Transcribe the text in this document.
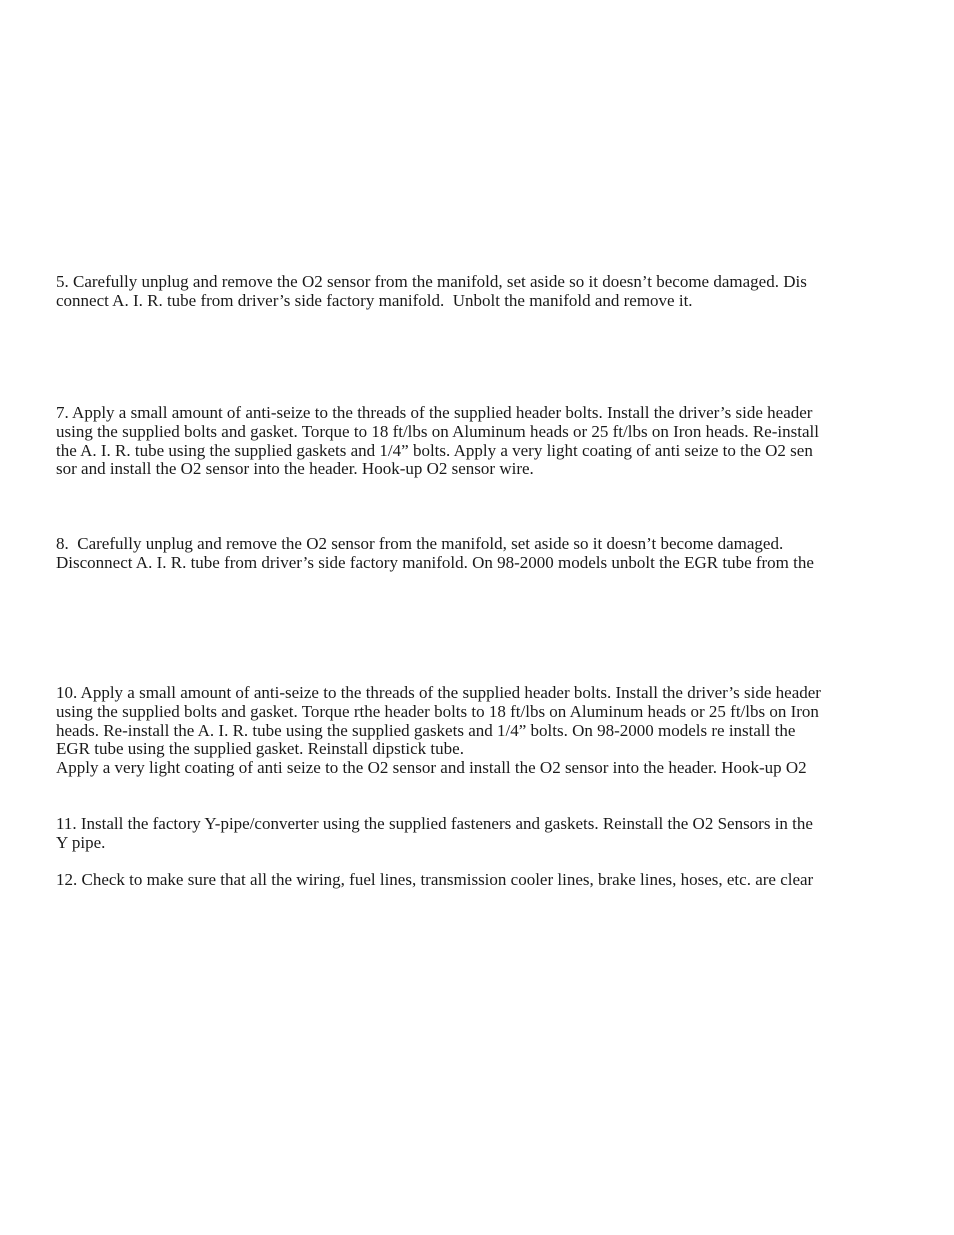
5. Carefully unplug and remove the O2 sensor from the manifold, set aside so it doesn’t become damaged. Dis
connect A. I. R. tube from driver’s side factory manifold.  Unbolt the manifold and remove it.
7. Apply a small amount of anti-seize to the threads of the supplied header bolts. Install the driver’s side header
using the supplied bolts and gasket. Torque to 18 ft/lbs on Aluminum heads or 25 ft/lbs on Iron heads. Re-install
the A. I. R. tube using the supplied gaskets and 1/4” bolts. Apply a very light coating of anti seize to the O2 sen
sor and install the O2 sensor into the header. Hook-up O2 sensor wire.
8.  Carefully unplug and remove the O2 sensor from the manifold, set aside so it doesn’t become damaged.
Disconnect A. I. R. tube from driver’s side factory manifold. On 98-2000 models unbolt the EGR tube from the
10. Apply a small amount of anti-seize to the threads of the supplied header bolts. Install the driver’s side header
using the supplied bolts and gasket. Torque rthe header bolts to 18 ft/lbs on Aluminum heads or 25 ft/lbs on Iron
heads. Re-install the A. I. R. tube using the supplied gaskets and 1/4” bolts. On 98-2000 models re install the
EGR tube using the supplied gasket. Reinstall dipstick tube.
Apply a very light coating of anti seize to the O2 sensor and install the O2 sensor into the header. Hook-up O2
11. Install the factory Y-pipe/converter using the supplied fasteners and gaskets. Reinstall the O2 Sensors in the
Y pipe.
12. Check to make sure that all the wiring, fuel lines, transmission cooler lines, brake lines, hoses, etc. are clear
